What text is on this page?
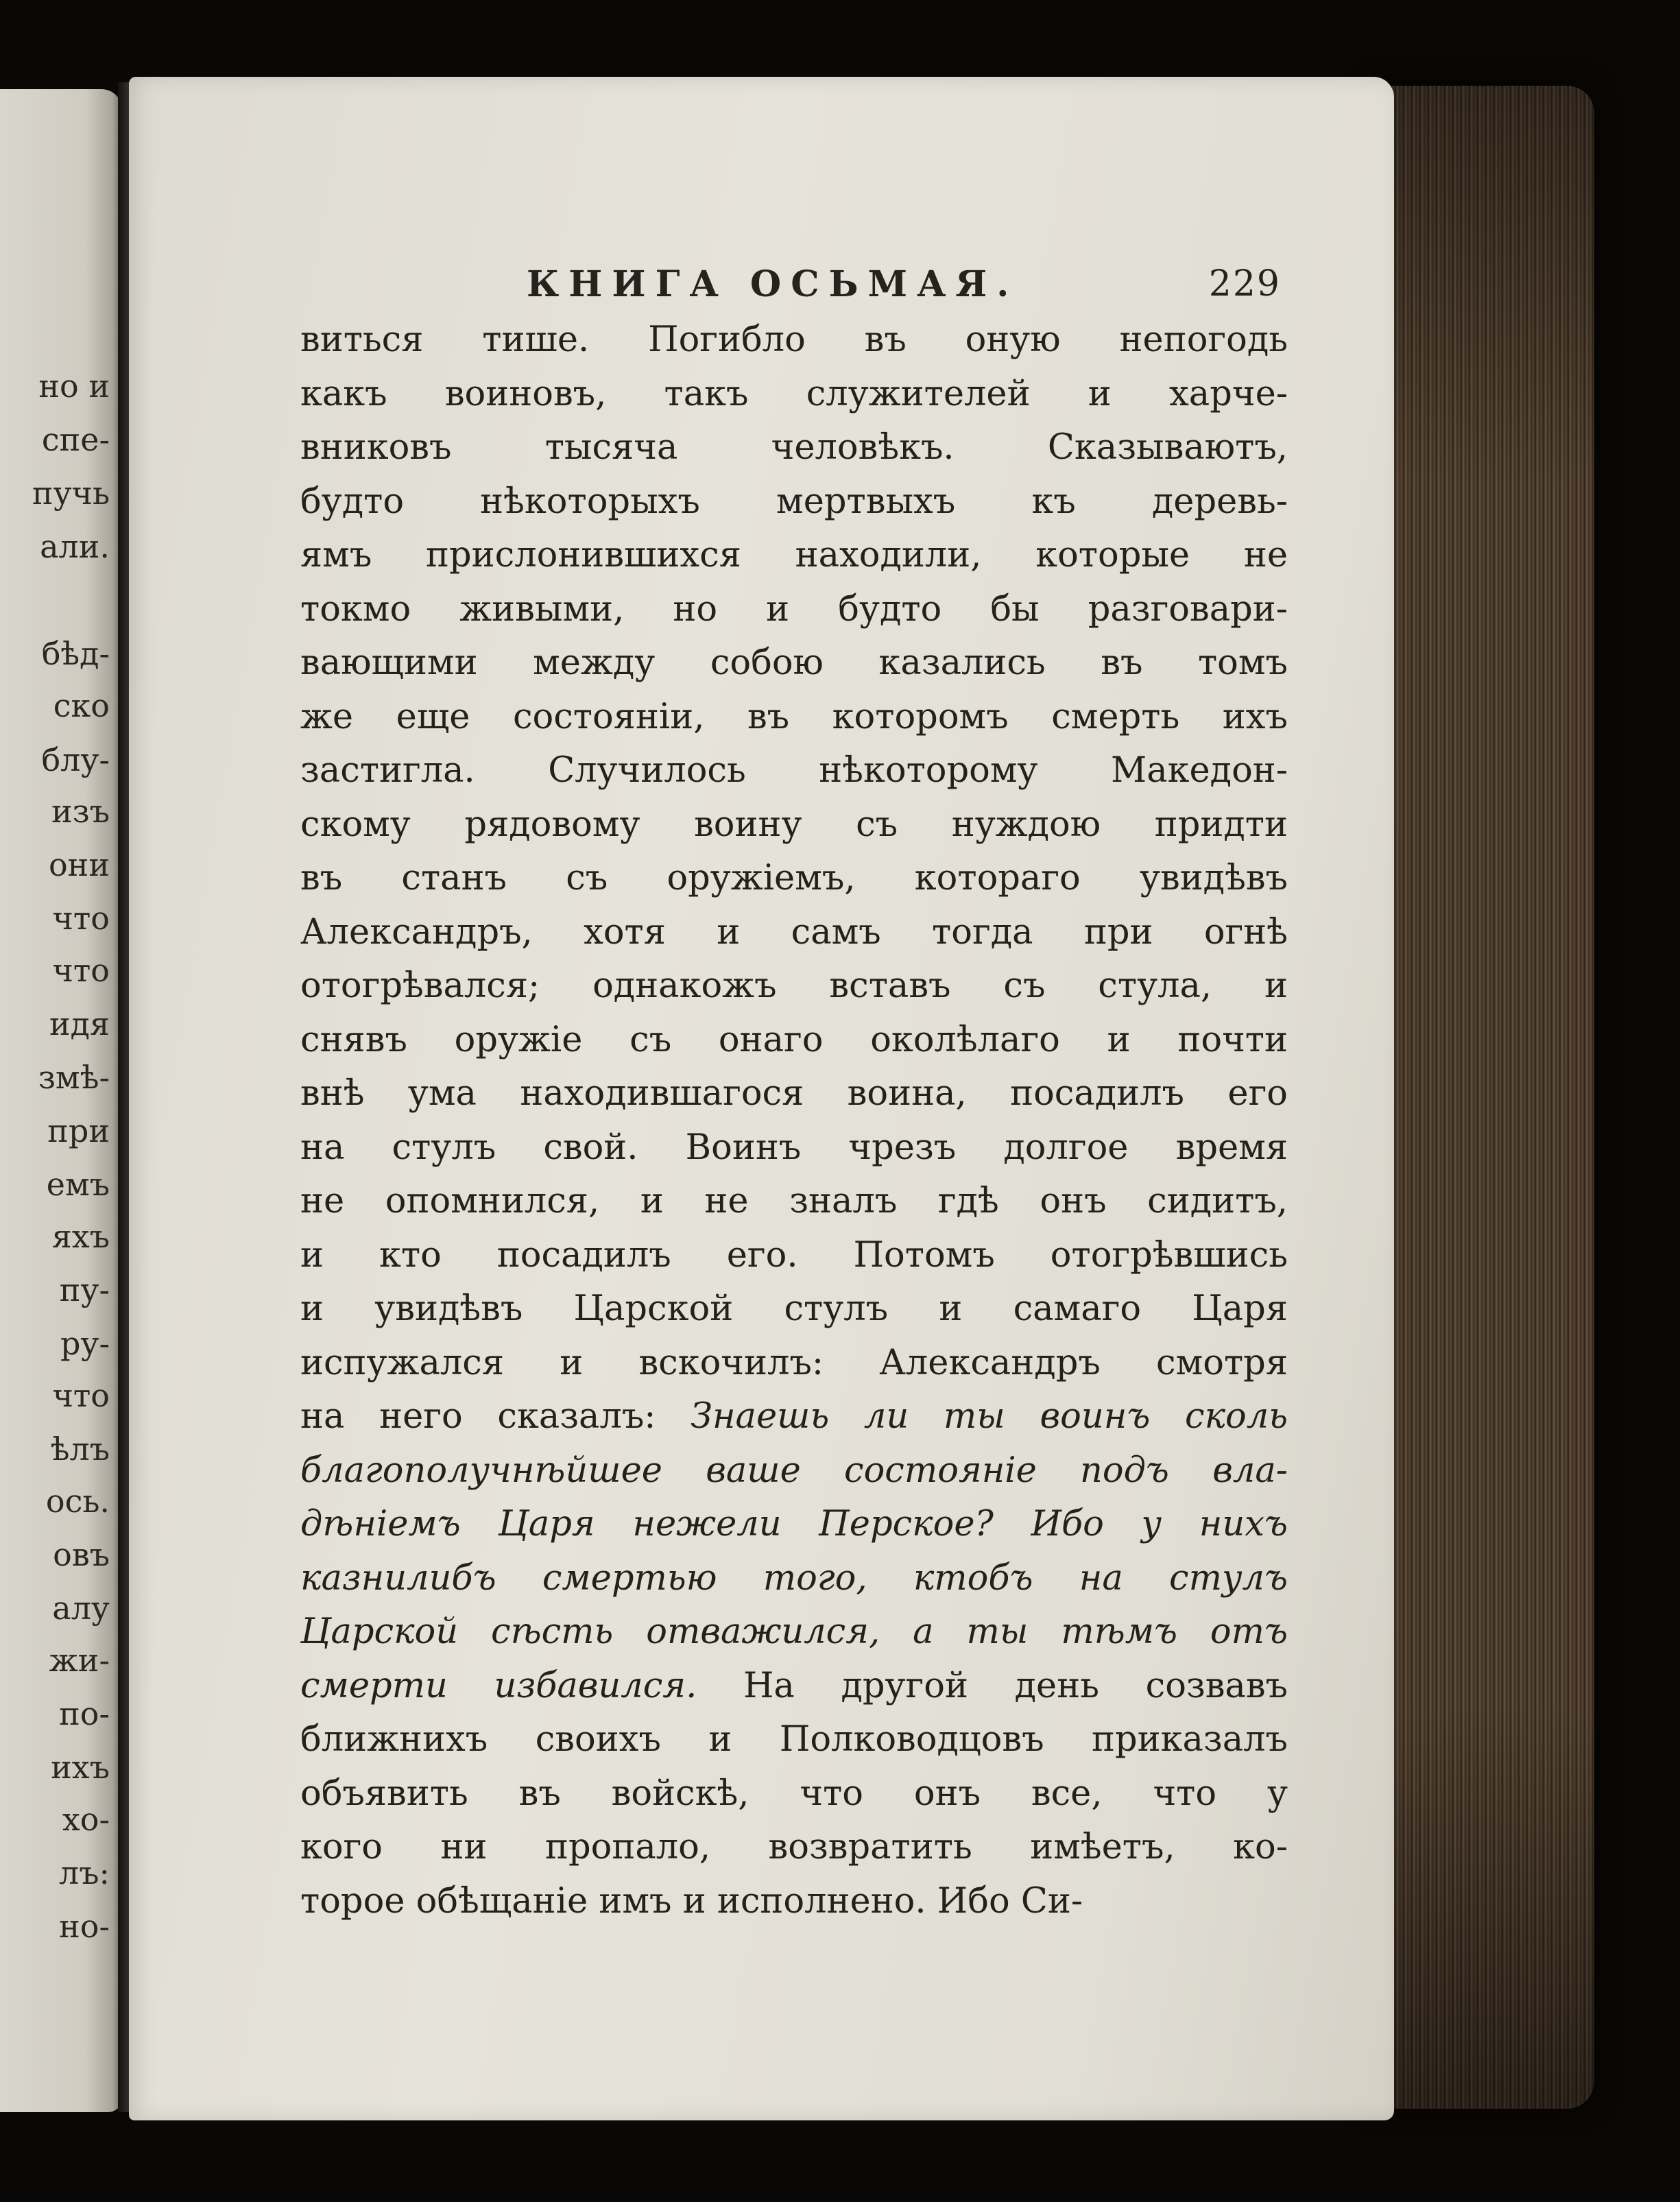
но и
спе-
пучь
али.
бѣд-
ско
блу-
изъ
они
что
что
идя
змѣ-
при
емъ
яхъ
пу-
ру-
что
ѣлъ
ось.
овъ
алу
жи-
по-
ихъ
хо-
лъ:
но-
КНИГА ОСЬМАЯ.	229
виться тише. Погибло въ оную непогодь
какъ воиновъ, такъ служителей и харче-
вниковъ тысяча человѣкъ. Сказываютъ,
будто нѣкоторыхъ мертвыхъ къ деревь-
ямъ прислонившихся находили, которые не
токмо живыми, но и будто бы разговари-
вающими между собою казались въ томъ
же еще состояніи, въ которомъ смерть ихъ
застигла. Случилось нѣкоторому Македон-
скому рядовому воину съ нуждою придти
въ станъ съ оружіемъ, котораго увидѣвъ
Александръ, хотя и самъ тогда при огнѣ
отогрѣвался; однакожъ вставъ съ стула, и
снявъ оружіе съ онаго околѣлаго и почти
внѣ ума находившагося воина, посадилъ его
на стулъ свой. Воинъ чрезъ долгое время
не опомнился, и не зналъ гдѣ онъ сидитъ,
и кто посадилъ его. Потомъ отогрѣвшись
и увидѣвъ Царской стулъ и самаго Царя
испужался и вскочилъ: Александръ смотря
на него сказалъ: Знаешь ли ты воинъ сколь
благополучнѣйшее ваше состояніе подъ вла-
дѣніемъ Царя нежели Перское? Ибо у нихъ
казнилибъ смертью того, ктобъ на стулъ
Царской сѣсть отважился, а ты тѣмъ отъ
смерти избавился. На другой день созвавъ
ближнихъ своихъ и Полководцовъ приказалъ
объявить въ войскѣ, что онъ все, что у
кого ни пропало, возвратить имѣетъ, ко-
торое обѣщаніе имъ и исполнено. Ибо Си-
